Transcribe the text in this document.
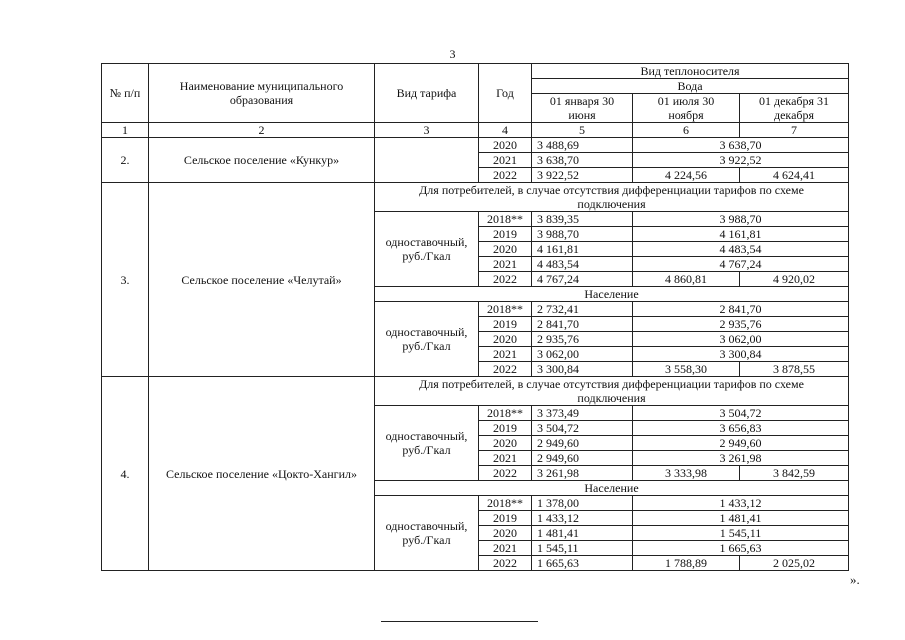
3
№ п/п	Наименование муниципального образования	Вид тарифа	Год	Вид теплоносителя		
				Вода		
				01 января 30 июня	01 июля 30 ноября	01 декабря 31 декабря

1	2	3	4	5	6	7
2.	Сельское поселение «Кункур»		2020	3 488,69	3 638,70	
			2021	3 638,70	3 922,52	
			2022	3 922,52	4 224,56	4 624,41
3.	Сельское поселение «Челутай»	Для потребителей, в случае отсутствия дифференциации тарифов по схеме подключения				
		одноставочный, руб./Гкал	2018**	3 839,35	3 988,70	
			2019	3 988,70	4 161,81	
			2020	4 161,81	4 483,54	
			2021	4 483,54	4 767,24	
			2022	4 767,24	4 860,81	4 920,02
		Население				
		одноставочный, руб./Гкал	2018**	2 732,41	2 841,70	
			2019	2 841,70	2 935,76	
			2020	2 935,76	3 062,00	
			2021	3 062,00	3 300,84	
			2022	3 300,84	3 558,30	3 878,55
4.	Сельское поселение «Цокто-Хангил»	Для потребителей, в случае отсутствия дифференциации тарифов по схеме подключения				
		одноставочный, руб./Гкал	2018**	3 373,49	3 504,72	
			2019	3 504,72	3 656,83	
			2020	2 949,60	2 949,60	
			2021	2 949,60	3 261,98	
			2022	3 261,98	3 333,98	3 842,59
		Население				
		одноставочный, руб./Гкал	2018**	1 378,00	1 433,12	
			2019	1 433,12	1 481,41	
			2020	1 481,41	1 545,11	
			2021	1 545,11	1 665,63	
			2022	1 665,63	1 788,89	2 025,02
».
